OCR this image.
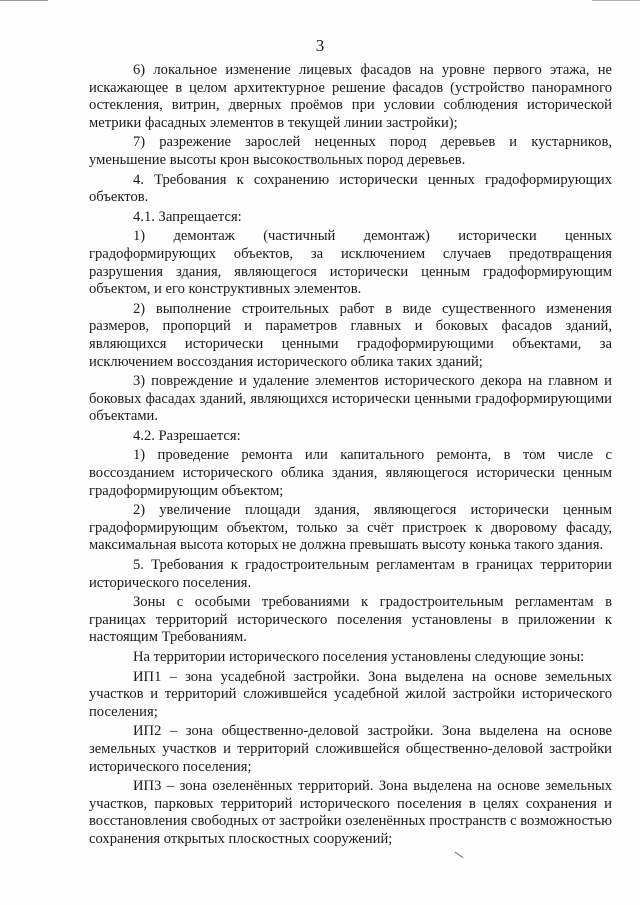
3

6) локальное изменение лицевых фасадов на уровне первого этажа, не искажающее в целом архитектурное решение фасадов (устройство панорамного остекления, витрин, дверных проёмов при условии соблюдения исторической метрики фасадных элементов в текущей линии застройки);

7) разрежение зарослей неценных пород деревьев и кустарников, уменьшение высоты крон высокоствольных пород деревьев.

4. Требования к сохранению исторически ценных градоформирующих объектов.

4.1. Запрещается:

1) демонтаж (частичный демонтаж) исторически ценных градоформирующих объектов, за исключением случаев предотвращения разрушения здания, являющегося исторически ценным градоформирующим объектом, и его конструктивных элементов.

2) выполнение строительных работ в виде существенного изменения размеров, пропорций и параметров главных и боковых фасадов зданий, являющихся исторически ценными градоформирующими объектами, за исключением воссоздания исторического облика таких зданий;

3) повреждение и удаление элементов исторического декора на главном и боковых фасадах зданий, являющихся исторически ценными градоформирующими объектами.

4.2. Разрешается:

1) проведение ремонта или капитального ремонта, в том числе с воссозданием исторического облика здания, являющегося исторически ценным градоформирующим объектом;

2) увеличение площади здания, являющегося исторически ценным градоформирующим объектом, только за счёт пристроек к дворовому фасаду, максимальная высота которых не должна превышать высоту конька такого здания.

5. Требования к градостроительным регламентам в границах территории исторического поселения.

Зоны с особыми требованиями к градостроительным регламентам в границах территорий исторического поселения установлены в приложении к настоящим Требованиям.

На территории исторического поселения установлены следующие зоны:

ИП1 – зона усадебной застройки. Зона выделена на основе земельных участков и территорий сложившейся усадебной жилой застройки исторического поселения;

ИП2 – зона общественно-деловой застройки. Зона выделена на основе земельных участков и территорий сложившейся общественно-деловой застройки исторического поселения;

ИП3 – зона озеленённых территорий. Зона выделена на основе земельных участков, парковых территорий исторического поселения в целях сохранения и восстановления свободных от застройки озеленённых пространств с возможностью сохранения открытых плоскостных сооружений;
